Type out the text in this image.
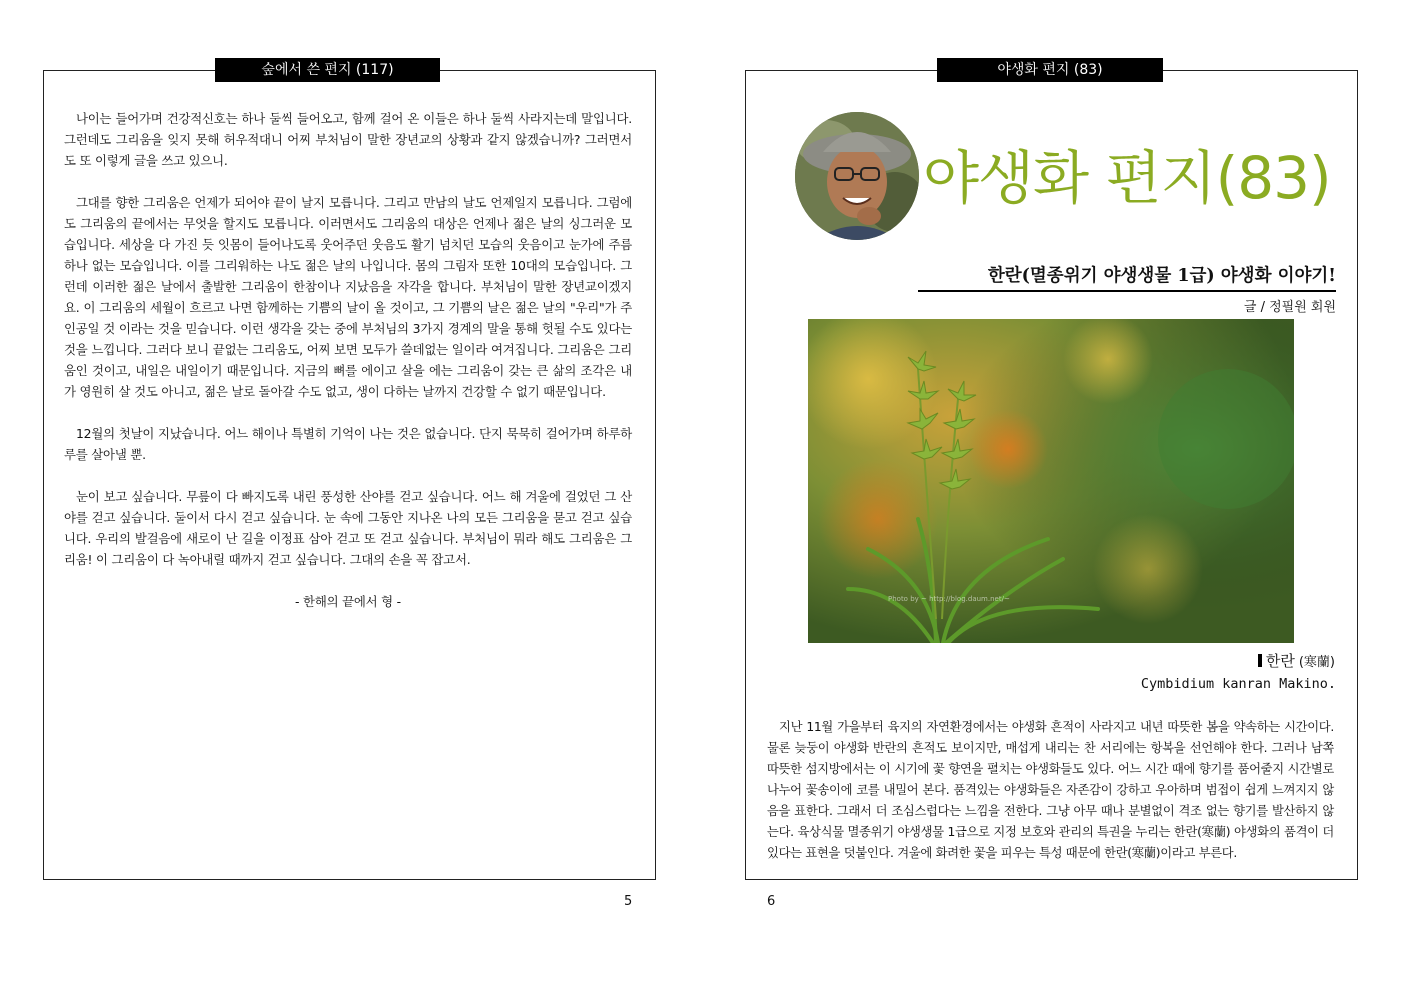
숲에서 쓴 편지 (117)

나이는 들어가며 건강적신호는 하나 둘씩 들어오고, 함께 걸어 온 이들은 하나 둘씩 사라지는데 말입니다. 그런데도 그리움을 잊지 못해 허우적대니 어찌 부처님이 말한 장년교의 상황과 같지 않겠습니까? 그러면서도 또 이렇게 글을 쓰고 있으니.

그대를 향한 그리움은 언제가 되어야 끝이 날지 모릅니다. 그리고 만남의 날도 언제일지 모릅니다. 그럼에도 그리움의 끝에서는 무엇을 할지도 모릅니다. 이러면서도 그리움의 대상은 언제나 젊은 날의 싱그러운 모습입니다. 세상을 다 가진 듯 잇몸이 들어나도록 웃어주던 웃음도 활기 넘치던 모습의 웃음이고 눈가에 주름하나 없는 모습입니다. 이를 그리워하는 나도 젊은 날의 나입니다. 몸의 그림자 또한 10대의 모습입니다. 그런데 이러한 젊은 날에서 출발한 그리움이 한참이나 지났음을 자각을 합니다. 부처님이 말한 장년교이겠지요. 이 그리움의 세월이 흐르고 나면 함께하는 기쁨의 날이 올 것이고, 그 기쁨의 날은 젊은 날의 "우리"가 주인공일 것 이라는 것을 믿습니다. 이런 생각을 갖는 중에 부처님의 3가지 경계의 말을 통해 헛될 수도 있다는 것을 느낍니다. 그러다 보니 끝없는 그리움도, 어찌 보면 모두가 쓸데없는 일이라 여겨집니다. 그리움은 그리움인 것이고, 내일은 내일이기 때문입니다. 지금의 뼈를 에이고 살을 에는 그리움이 갖는 큰 삶의 조각은 내가 영원히 살 것도 아니고, 젊은 날로 돌아갈 수도 없고, 생이 다하는 날까지 건강할 수 없기 때문입니다.

12월의 첫날이 지났습니다. 어느 해이나 특별히 기억이 나는 것은 없습니다. 단지 묵묵히 걸어가며 하루하루를 살아낼 뿐.

눈이 보고 싶습니다. 무릎이 다 빠지도록 내린 풍성한 산야를 걷고 싶습니다. 어느 해 겨울에 걸었던 그 산야를 걷고 싶습니다. 둘이서 다시 걷고 싶습니다. 눈 속에 그동안 지나온 나의 모든 그리움을 묻고 걷고 싶습니다. 우리의 발걸음에 새로이 난 길을 이정표 삼아 걷고 또 걷고 싶습니다. 부처님이 뭐라 해도 그리움은 그리움! 이 그리움이 다 녹아내릴 때까지 걷고 싶습니다. 그대의 손을 꼭 잡고서.

- 한해의 끝에서 형 -

5
야생화 편지 (83)
야생화 편지(83)
한란(멸종위기 야생생물 1급) 야생화 이야기!
글 / 정필원 회원
Photo by ~ http://blog.daum.net/~
한란 (寒蘭)
Cymbidium kanran Makino.

지난 11월 가을부터 육지의 자연환경에서는 야생화 흔적이 사라지고 내년 따뜻한 봄을 약속하는 시간이다. 물론 늦둥이 야생화 반란의 흔적도 보이지만, 매섭게 내리는 찬 서리에는 항복을 선언해야 한다. 그러나 남쪽 따뜻한 섬지방에서는 이 시기에 꽃 향연을 펼치는 야생화들도 있다. 어느 시간 때에 향기를 품어줄지 시간별로 나누어 꽃송이에 코를 내밀어 본다. 품격있는 야생화들은 자존감이 강하고 우아하며 범접이 쉽게 느껴지지 않음을 표한다. 그래서 더 조심스럽다는 느낌을 전한다. 그냥 아무 때나 분별없이 격조 없는 향기를 발산하지 않는다. 육상식물 멸종위기 야생생물 1급으로 지정 보호와 관리의 특권을 누리는 한란(寒蘭) 야생화의 품격이 더 있다는 표현을 덧붙인다. 겨울에 화려한 꽃을 피우는 특성 때문에 한란(寒蘭)이라고 부른다.

6
